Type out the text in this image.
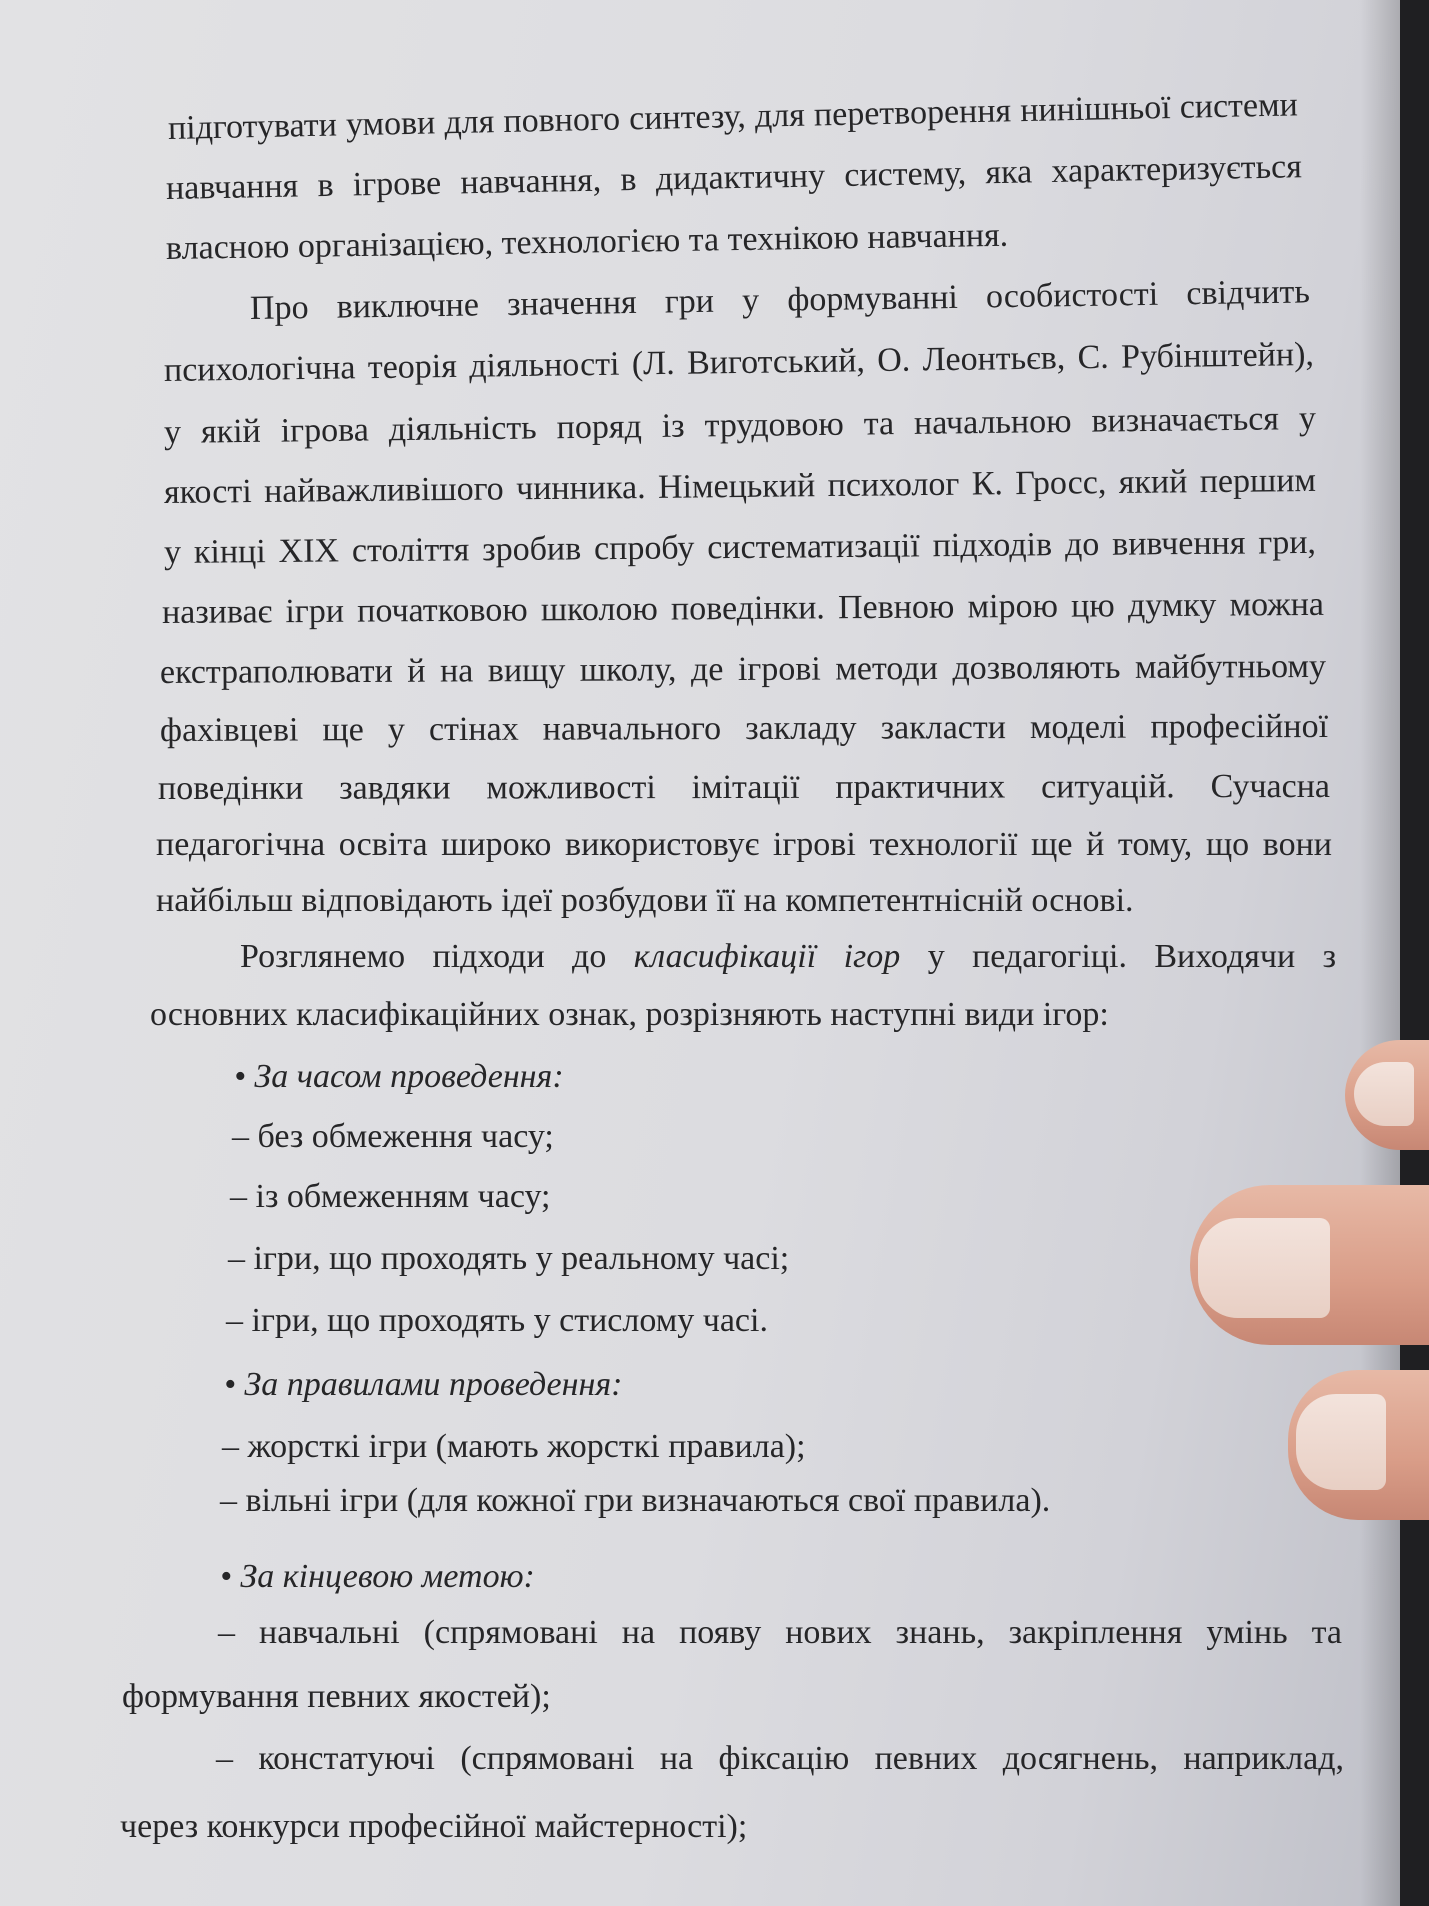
підготувати умови для повного синтезу, для перетворення нинішньої системи
навчання в ігрове навчання, в дидактичну систему, яка характеризується
власною організацією, технологією та технікою навчання.
Про виключне значення гри у формуванні особистості свідчить
психологічна теорія діяльності (Л. Виготський, О. Леонтьєв, С. Рубінштейн),
у якій ігрова діяльність поряд із трудовою та начальною визначається у
якості найважливішого чинника. Німецький психолог К. Гросс, який першим
у кінці XIX століття зробив спробу систематизації підходів до вивчення гри,
називає ігри початковою школою поведінки. Певною мірою цю думку можна
екстраполювати й на вищу школу, де ігрові методи дозволяють майбутньому
фахівцеві ще у стінах навчального закладу закласти моделі професійної
поведінки завдяки можливості імітації практичних ситуацій. Сучасна
педагогічна освіта широко використовує ігрові технології ще й тому, що вони
найбільш відповідають ідеї розбудови її на компетентнісній основі.
Розглянемо підходи до класифікації ігор у педагогіці. Виходячи з
основних класифікаційних ознак, розрізняють наступні види ігор:
• За часом проведення:
– без обмеження часу;
– із обмеженням часу;
– ігри, що проходять у реальному часі;
– ігри, що проходять у стислому часі.
• За правилами проведення:
– жорсткі ігри (мають жорсткі правила);
– вільні ігри (для кожної гри визначаються свої правила).
• За кінцевою метою:
– навчальні (спрямовані на появу нових знань, закріплення умінь та
формування певних якостей);
– констатуючі (спрямовані на фіксацію певних досягнень, наприклад,
через конкурси професійної майстерності);
